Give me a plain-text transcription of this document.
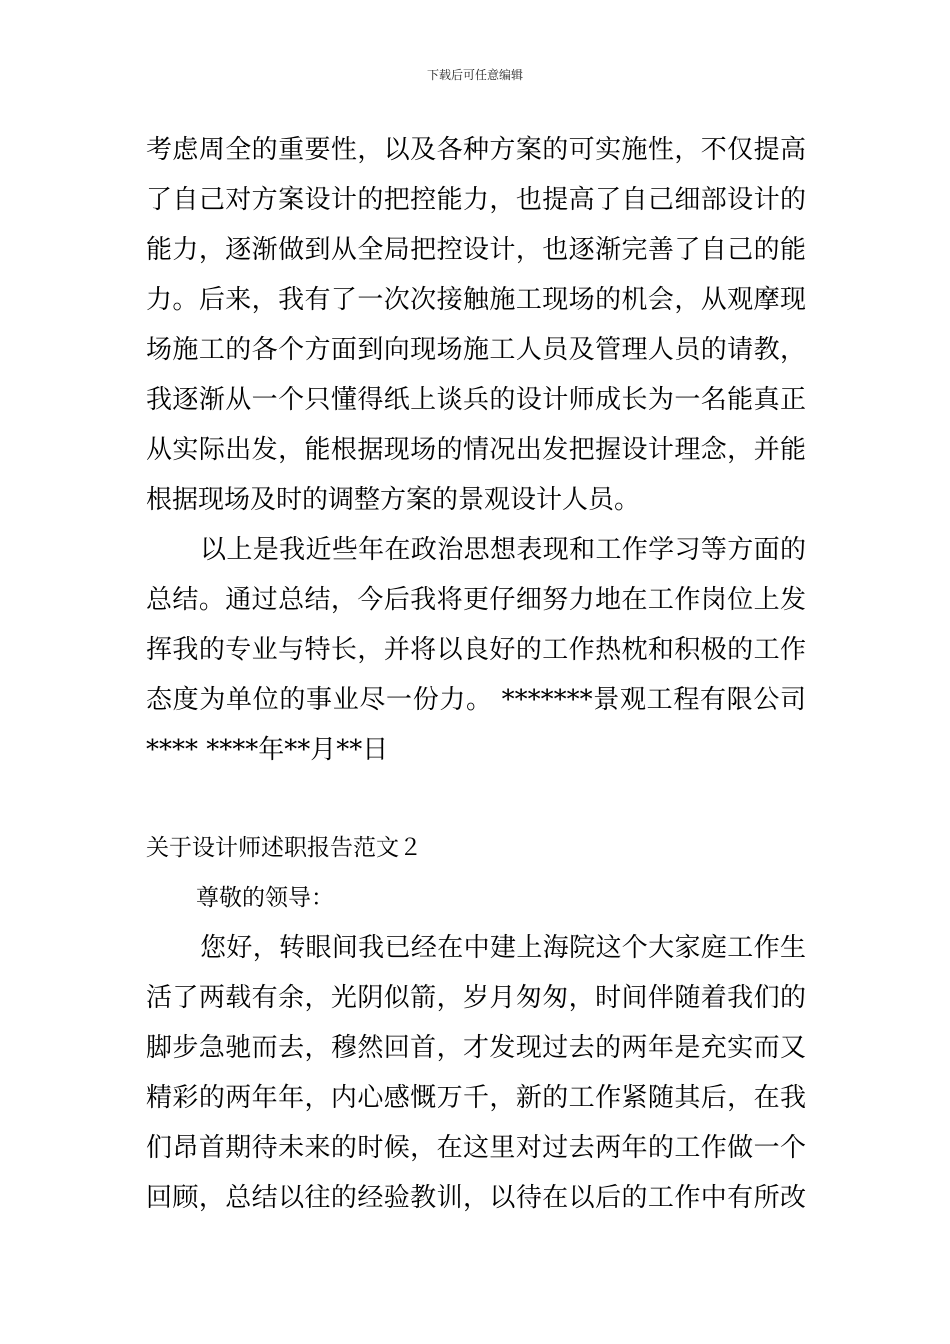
下载后可任意编辑
考虑周全的重要性，以及各种方案的可实施性，不仅提高
了自己对方案设计的把控能力，也提高了自己细部设计的
能力，逐渐做到从全局把控设计，也逐渐完善了自己的能
力。后来，我有了一次次接触施工现场的机会，从观摩现
场施工的各个方面到向现场施工人员及管理人员的请教，
我逐渐从一个只懂得纸上谈兵的设计师成长为一名能真正
从实际出发，能根据现场的情况出发把握设计理念，并能
根据现场及时的调整方案的景观设计人员。
以上是我近些年在政治思想表现和工作学习等方面的
总结。通过总结，今后我将更仔细努力地在工作岗位上发
挥我的专业与特长，并将以良好的工作热枕和积极的工作
态度为单位的事业尽一份力。 *******景观工程有限公司
**** ****年**月**日
关于设计师述职报告范文２
尊敬的领导：
您好，转眼间我已经在中建上海院这个大家庭工作生
活了两载有余，光阴似箭，岁月匆匆，时间伴随着我们的
脚步急驰而去，穆然回首，才发现过去的两年是充实而又
精彩的两年年，内心感慨万千，新的工作紧随其后，在我
们昂首期待未来的时候，在这里对过去两年的工作做一个
回顾，总结以往的经验教训，以待在以后的工作中有所改
